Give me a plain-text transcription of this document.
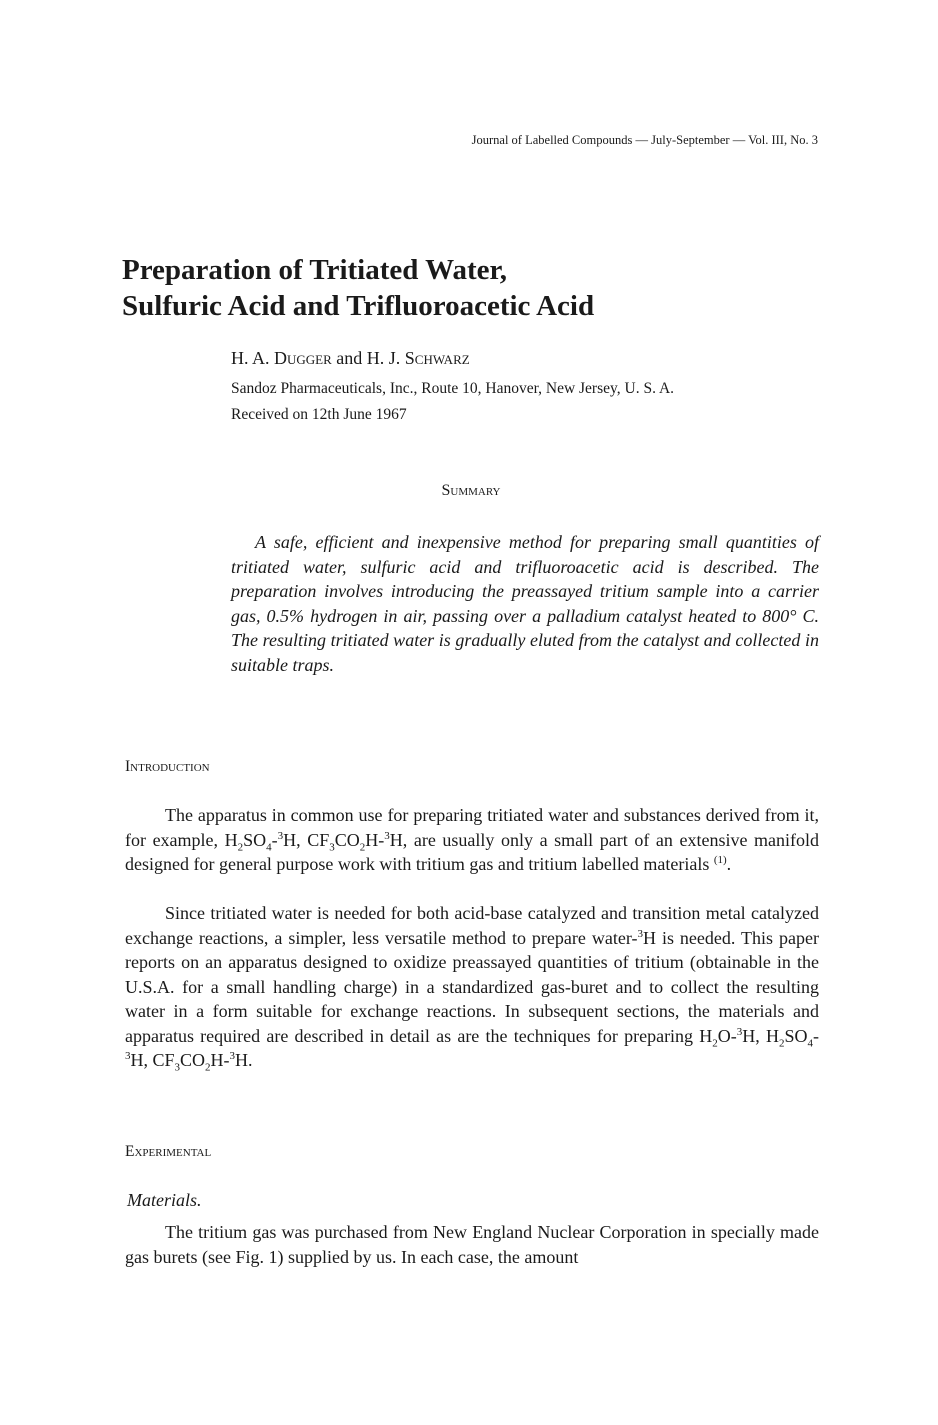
Journal of Labelled Compounds — July-September — Vol. III, No. 3
Preparation of Tritiated Water,
Sulfuric Acid and Trifluoroacetic Acid
H. A. Dugger and H. J. Schwarz
Sandoz Pharmaceuticals, Inc., Route 10, Hanover, New Jersey, U. S. A.
Received on 12th June 1967
Summary

A safe, efficient and inexpensive method for preparing small quantities of tritiated water, sulfuric acid and trifluoroacetic acid is described. The preparation involves introducing the preassayed tritium sample into a carrier gas, 0.5% hydrogen in air, passing over a palladium catalyst heated to 800° C. The resulting tritiated water is gradually eluted from the catalyst and collected in suitable traps.

Introduction

The apparatus in common use for preparing tritiated water and substances derived from it, for example, $H_2SO_4-^3H$, $CF_3CO_2H-^3H$, are usually only a small part of an extensive manifold designed for general purpose work with tritium gas and tritium labelled materials $^{(1)}$.

Since tritiated water is needed for both acid-base catalyzed and transition metal catalyzed exchange reactions, a simpler, less versatile method to prepare water-$^3$H is needed. This paper reports on an apparatus designed to oxidize preassayed quantities of tritium (obtainable in the U.S.A. for a small handling charge) in a standardized gas-buret and to collect the resulting water in a form suitable for exchange reactions. In subsequent sections, the materials and apparatus required are described in detail as are the techniques for preparing $H_2O-^3H$, $H_2SO_4-^3H$, $CF_3CO_2H-^3H$.

Experimental
Materials.

The tritium gas was purchased from New England Nuclear Corporation in specially made gas burets (see Fig. 1) supplied by us. In each case, the amount
